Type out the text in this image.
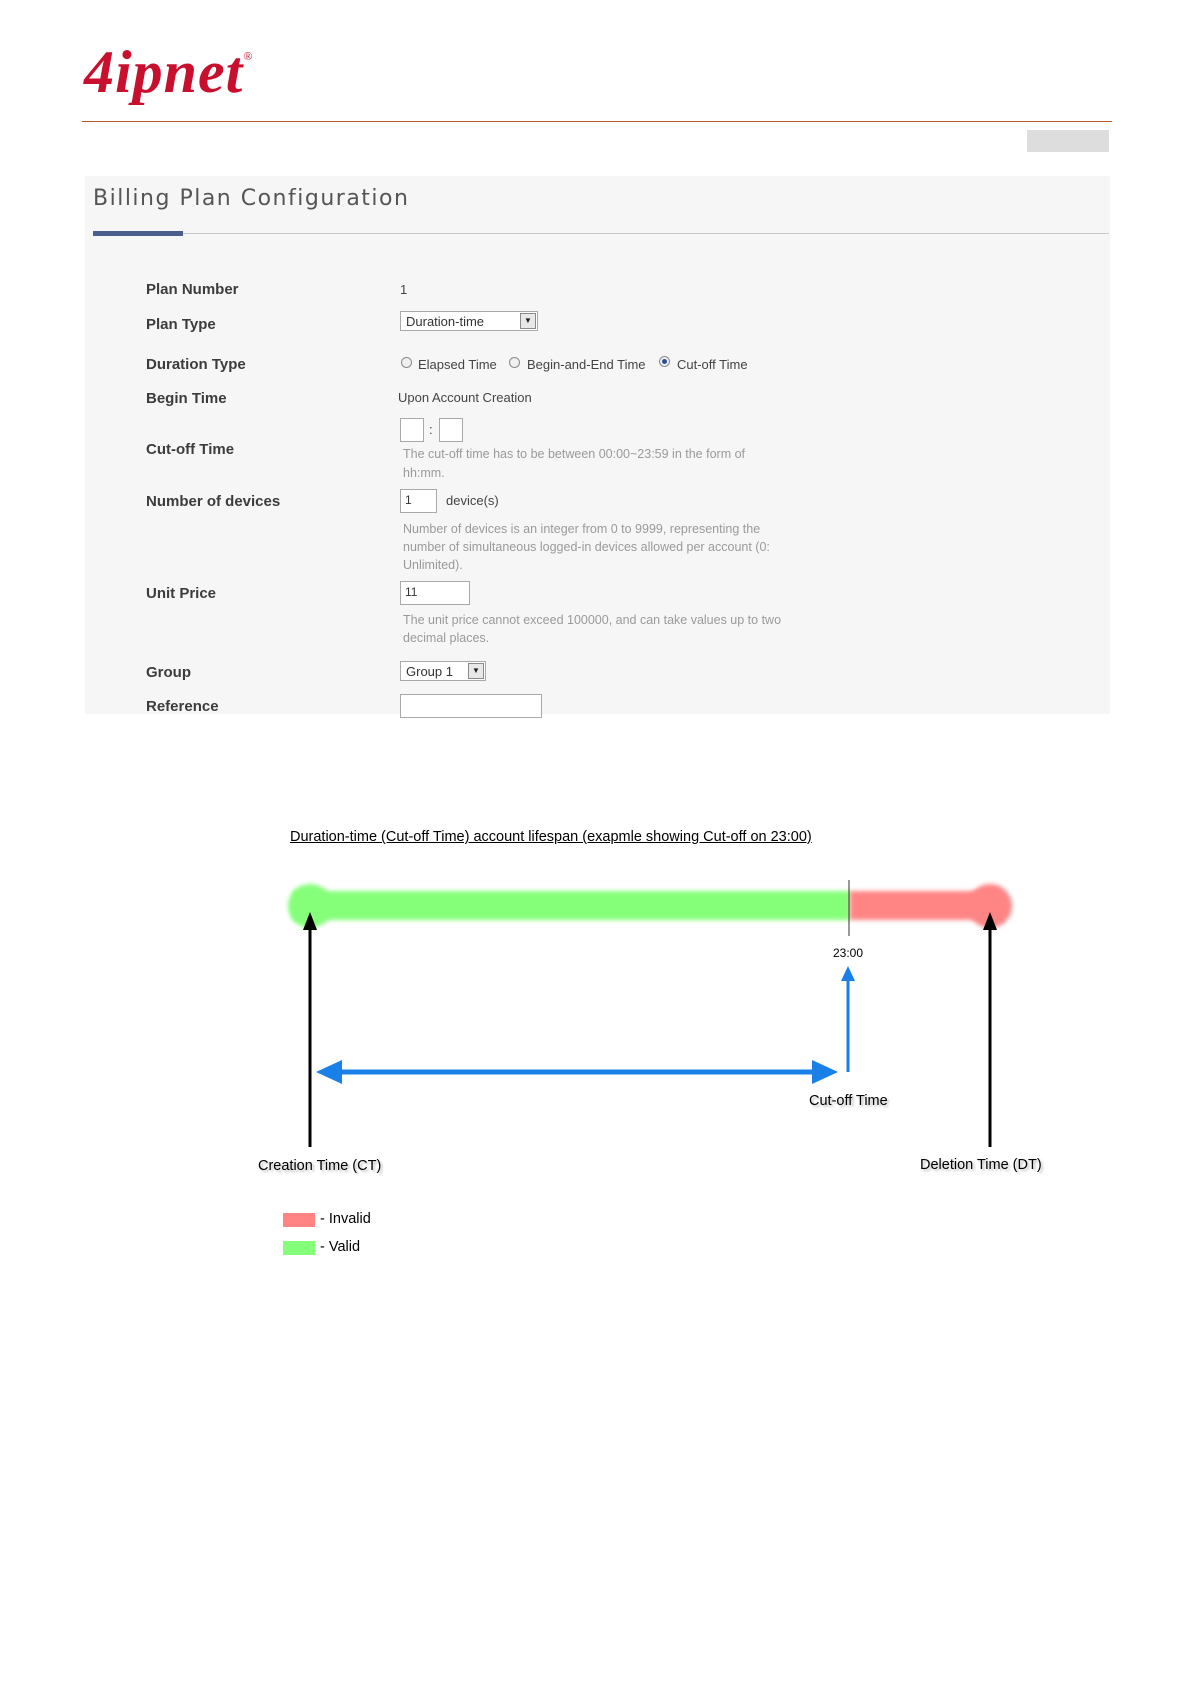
4ipnet®
Billing Plan Configuration
Plan Number	1
Plan Type	Duration-time	▼
Duration Type	Elapsed Time Begin-and-End Time Cut-off Time
Begin Time	Upon Account Creation
Cut-off Time
:
The cut-off time has to be between 00:00~23:59 in the form of
hh:mm.
Number of devices	1	device(s)
Number of devices is an integer from 0 to 9999, representing the
number of simultaneous logged-in devices allowed per account (0:
Unlimited).
Unit Price	11
The unit price cannot exceed 100000, and can take values up to two
decimal places.
Group	Group 1	▼
Reference
Duration-time (Cut-off Time) account lifespan (exapmle showing Cut-off on 23:00)
23:00
Cut-off Time
Creation Time (CT)	Deletion Time (DT)
- Invalid
- Valid
